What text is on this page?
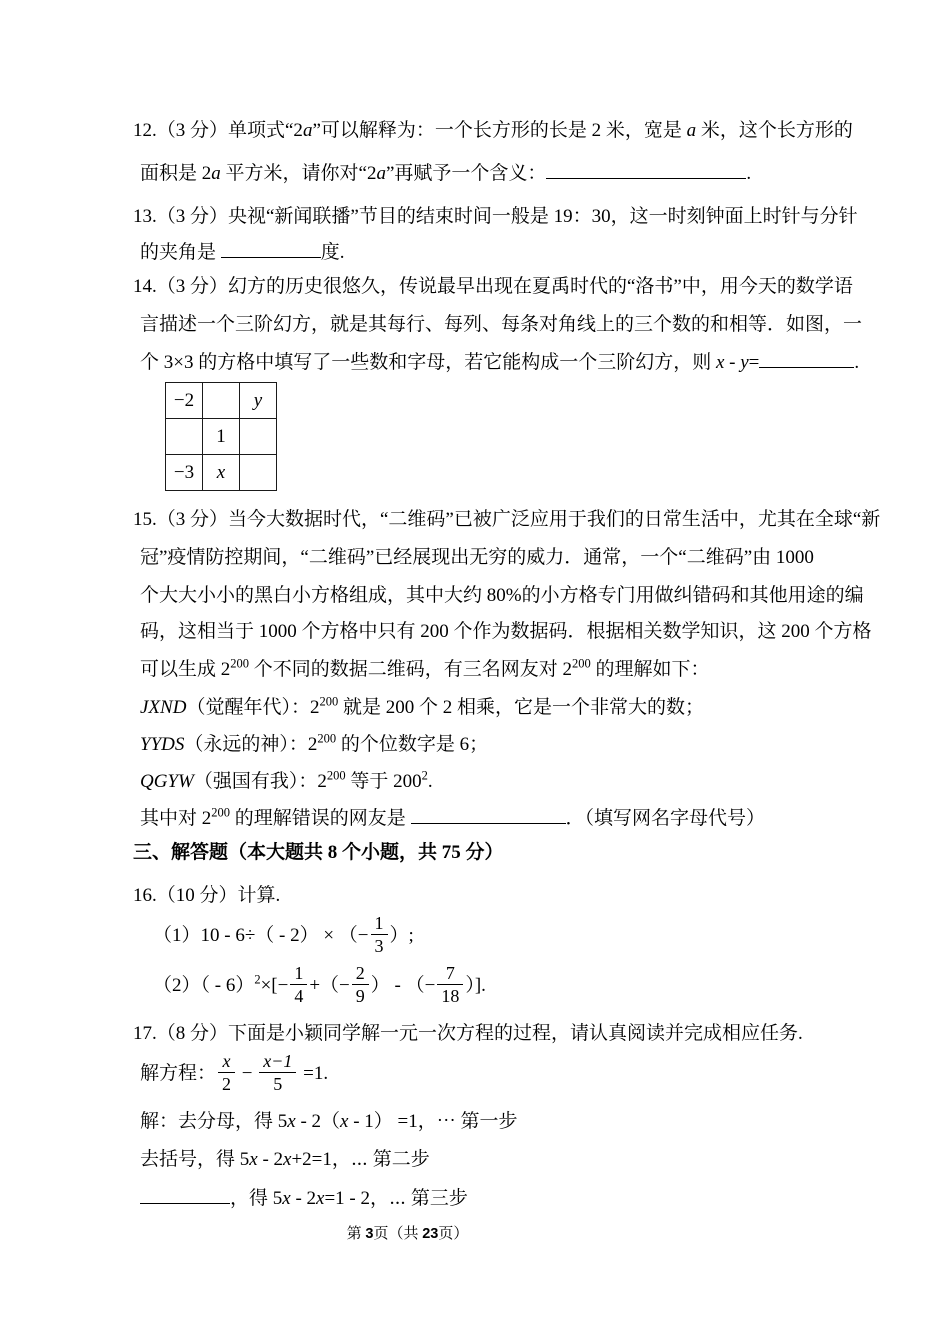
12.（3 分）单项式“2a”可以解释为：一个长方形的长是 2 米，宽是 a 米，这个长方形的
面积是 2a 平方米，请你对“2a”再赋予一个含义：	.
13.（3 分）央视“新闻联播”节目的结束时间一般是 19：30，这一时刻钟面上时针与分针
的夹角是	度.
14.（3 分）幻方的历史很悠久，传说最早出现在夏禹时代的“洛书”中，用今天的数学语
言描述一个三阶幻方，就是其每行、每列、每条对角线上的三个数的和相等．如图，一
个 3×3 的方格中填写了一些数和字母，若它能构成一个三阶幻方，则 x - y=	.
−2		y
	1	
−3	x	
15.（3 分）当今大数据时代，“二维码”已被广泛应用于我们的日常生活中，尤其在全球“新
冠”疫情防控期间，“二维码”已经展现出无穷的威力．通常，一个“二维码”由 1000
个大大小小的黑白小方格组成，其中大约 80%的小方格专门用做纠错码和其他用途的编
码，这相当于 1000 个方格中只有 200 个作为数据码．根据相关数学知识，这 200 个方格
可以生成 $2^{200}$ 个不同的数据二维码，有三名网友对 $2^{200}$ 的理解如下：
JXND（觉醒年代）：$2^{200}$ 就是 200 个 2 相乘，它是一个非常大的数；
YYDS（永远的神）：$2^{200}$ 的个位数字是 6；
QGYW（强国有我）：$2^{200}$ 等于 $200^2$.
其中对 $2^{200}$ 的理解错误的网友是	．（填写网名字母代号）
三、解答题（本大题共 8 个小题，共 75 分）
16.（10 分）计算.
（1）10 - 6÷（ - 2） × （− $\frac{1}{3}$ ）;
$(2)( - 6)^2\times[- \frac{1}{4}$ +（− $\frac{2}{9}$ ） - （− $\frac{7}{18}$ ）].
17.（8 分）下面是小颖同学解一元一次方程的过程，请认真阅读并完成相应任务.
解方程： $\frac{x}{2} - \frac{x-1}{5} =1$.
解：去分母，得 5x - 2（x - 1） =1，⋯ 第一步
去括号，得 5x - 2x+2=1，⋯ 第二步
，得 5x - 2x=1 - 2，⋯ 第三步
第 3页（共 23页）
